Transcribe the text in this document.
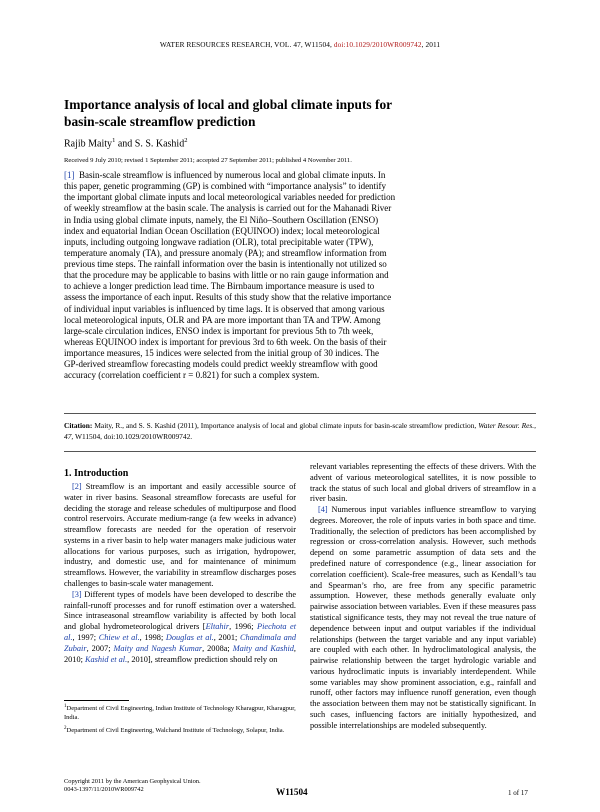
WATER RESOURCES RESEARCH, VOL. 47, W11504, doi:10.1029/2010WR009742, 2011
Importance analysis of local and global climate inputs for
basin-scale streamflow prediction
Rajib Maity$^1$ and S. S. Kashid$^2$
Received 9 July 2010; revised 1 September 2011; accepted 27 September 2011; published 4 November 2011.
[1] Basin-scale streamflow is influenced by numerous local and global climate inputs. In
this paper, genetic programming (GP) is combined with “importance analysis” to identify
the important global climate inputs and local meteorological variables needed for prediction
of weekly streamflow at the basin scale. The analysis is carried out for the Mahanadi River
in India using global climate inputs, namely, the El Niño–Southern Oscillation (ENSO)
index and equatorial Indian Ocean Oscillation (EQUINOO) index; local meteorological
inputs, including outgoing longwave radiation (OLR), total precipitable water (TPW),
temperature anomaly (TA), and pressure anomaly (PA); and streamflow information from
previous time steps. The rainfall information over the basin is intentionally not utilized so
that the procedure may be applicable to basins with little or no rain gauge information and
to achieve a longer prediction lead time. The Birnbaum importance measure is used to
assess the importance of each input. Results of this study show that the relative importance
of individual input variables is influenced by time lags. It is observed that among various
local meteorological inputs, OLR and PA are more important than TA and TPW. Among
large-scale circulation indices, ENSO index is important for previous 5th to 7th week,
whereas EQUINOO index is important for previous 3rd to 6th week. On the basis of their
importance measures, 15 indices were selected from the initial group of 30 indices. The
GP-derived streamflow forecasting models could predict weekly streamflow with good
accuracy (correlation coefficient r = 0.821) for such a complex system.

Citation: Maity, R., and S. S. Kashid (2011), Importance analysis of local and global climate inputs for basin-scale streamflow prediction, Water Resour. Res., 47, W11504, doi:10.1029/2010WR009742.

1. Introduction

[2] Streamflow is an important and easily accessible source of water in river basins. Seasonal streamflow forecasts are useful for deciding the storage and release schedules of multipurpose and flood control reservoirs. Accurate medium-range (a few weeks in advance) streamflow forecasts are needed for the operation of reservoir systems in a river basin to help water managers make judicious water allocations for various purposes, such as irrigation, hydropower, industry, and domestic use, and for maintenance of minimum streamflows. However, the variability in streamflow discharges poses challenges to basin-scale water management.

[3] Different types of models have been developed to describe the rainfall-runoff processes and for runoff estimation over a watershed. Since intraseasonal streamflow variability is affected by both local and global hydrometeorological drivers [Eltahir, 1996; Piechota et al., 1997; Chiew et al., 1998; Douglas et al., 2001; Chandimala and Zubair, 2007; Maity and Nagesh Kumar, 2008a; Maity and Kashid, 2010; Kashid et al., 2010], streamflow prediction should rely on

relevant variables representing the effects of these drivers. With the advent of various meteorological satellites, it is now possible to track the status of such local and global drivers of streamflow in a river basin.

[4] Numerous input variables influence streamflow to varying degrees. Moreover, the role of inputs varies in both space and time. Traditionally, the selection of predictors has been accomplished by regression or cross-correlation analysis. However, such methods depend on some parametric assumption of data sets and the predefined nature of correspondence (e.g., linear association for correlation coefficient). Scale-free measures, such as Kendall’s tau and Spearman’s rho, are free from any specific parametric assumption. However, these methods generally evaluate only pairwise association between variables. Even if these measures pass statistical significance tests, they may not reveal the true nature of dependence between input and output variables if the individual relationships (between the target variable and any input variable) are coupled with each other. In hydroclimatological analysis, the pairwise relationship between the target hydrologic variable and various hydroclimatic inputs is invariably interdependent. While some variables may show prominent association, e.g., rainfall and runoff, other factors may influence runoff generation, even though the association between them may not be statistically significant. In such cases, influencing factors are initially hypothesized, and possible interrelationships are modeled subsequently.

$^1$Department of Civil Engineering, Indian Institute of Technology Kharagpur, Kharagpur, India.

$^2$Department of Civil Engineering, Walchand Institute of Technology, Solapur, India.

Copyright 2011 by the American Geophysical Union.
0043-1397/11/2010WR009742	W11504	1 of 17
